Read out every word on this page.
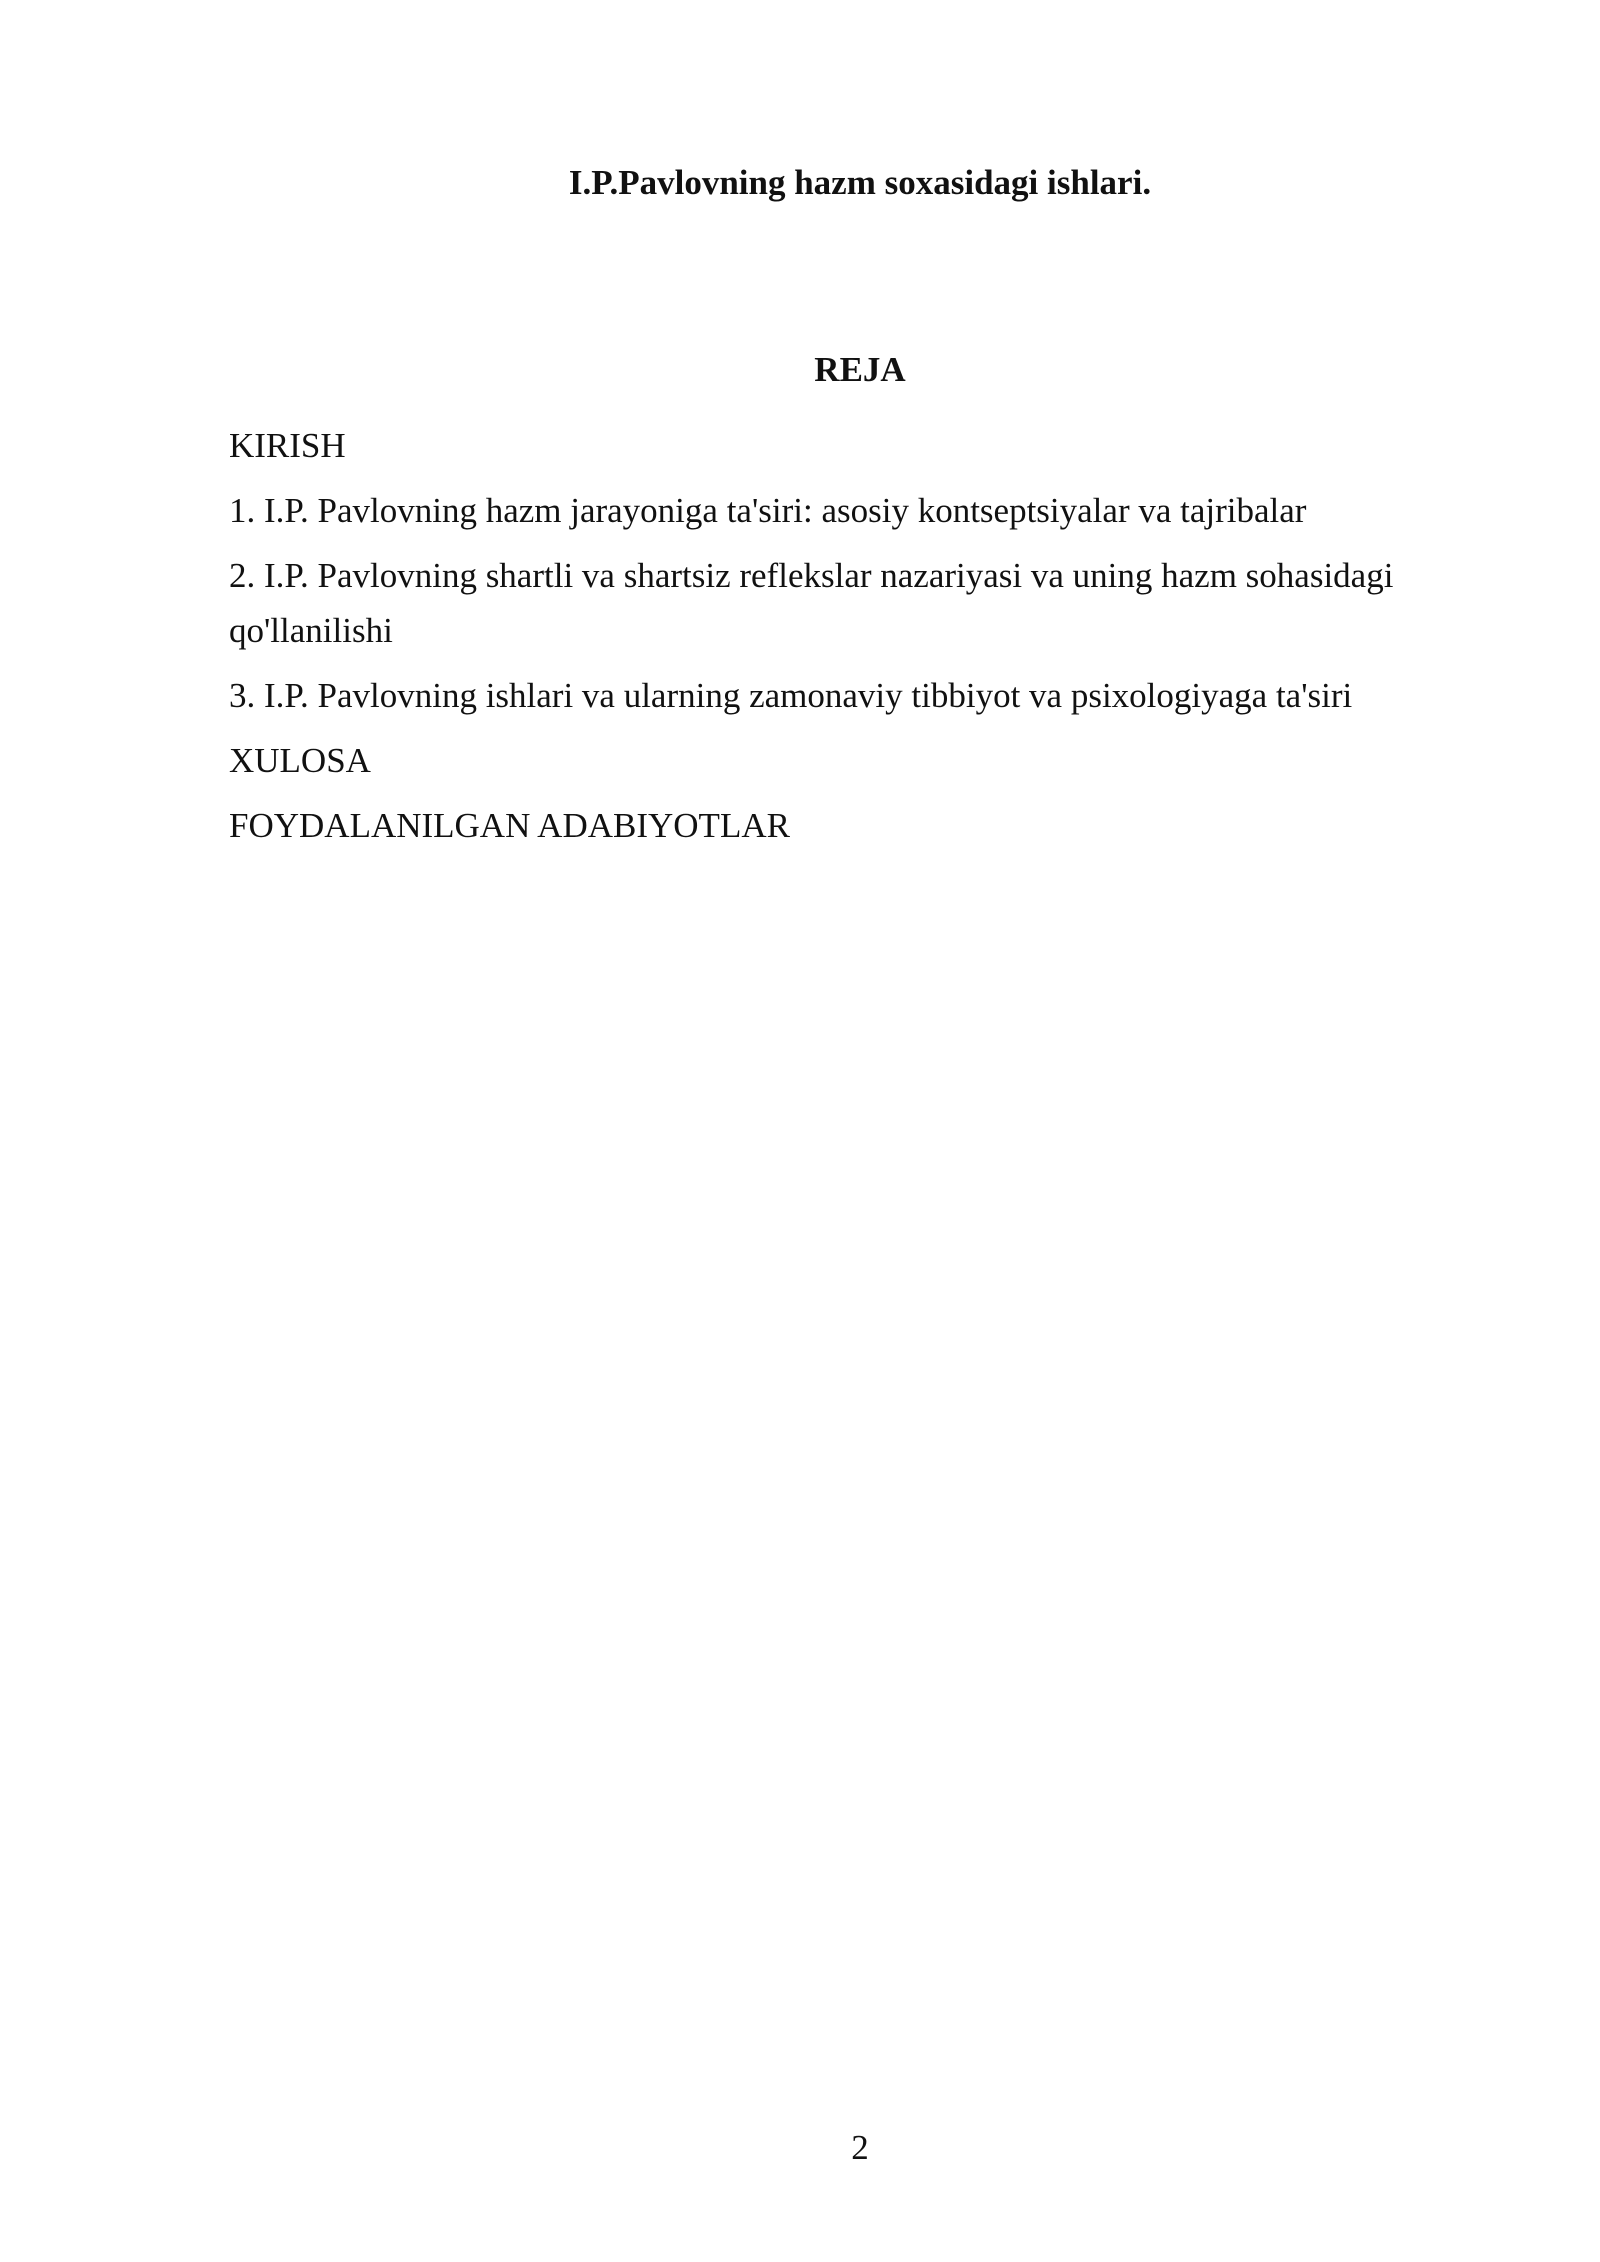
I.P.Pavlovning hazm soxasidagi ishlari.
REJA
KIRISH
1. I.P. Pavlovning hazm jarayoniga ta'siri: asosiy kontseptsiyalar va tajribalar
2. I.P. Pavlovning shartli va shartsiz reflekslar nazariyasi va uning hazm sohasidagi qo'llanilishi
3. I.P. Pavlovning ishlari va ularning zamonaviy tibbiyot va psixologiyaga ta'siri
XULOSA
FOYDALANILGAN ADABIYOTLAR
2
